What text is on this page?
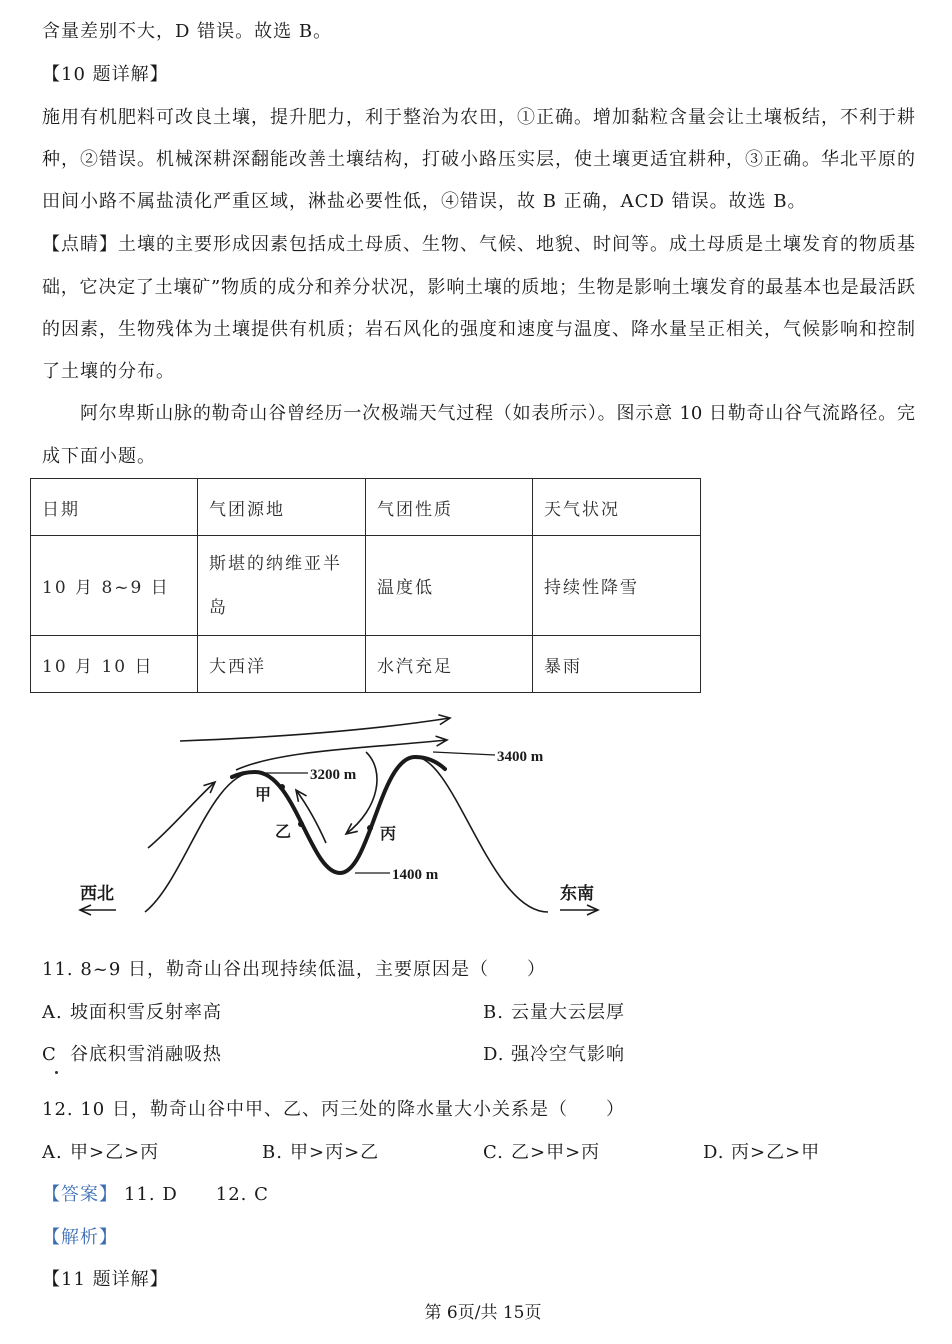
含量差别不大，D 错误。故选 B。
【10 题详解】
施用有机肥料可改良土壤，提升肥力，利于整治为农田，①正确。增加黏粒含量会让土壤板结，不利于耕
种，②错误。机械深耕深翻能改善土壤结构，打破小路压实层，使土壤更适宜耕种，③正确。华北平原的
田间小路不属盐渍化严重区域，淋盐必要性低，④错误，故 B 正确，ACD 错误。故选 B。
【点睛】土壤的主要形成因素包括成土母质、生物、气候、地貌、时间等。成土母质是土壤发育的物质基
础，它决定了土壤矿”物质的成分和养分状况，影响土壤的质地；生物是影响土壤发育的最基本也是最活跃
的因素，生物残体为土壤提供有机质；岩石风化的强度和速度与温度、降水量呈正相关，气候影响和控制
了土壤的分布。
阿尔卑斯山脉的勒奇山谷曾经历一次极端天气过程（如表所示）。图示意 10 日勒奇山谷气流路径。完
成下面小题。
日期	气团源地	气团性质	天气状况
10 月 8~9 日	斯堪的纳维亚半岛	温度低	持续性降雪
10 月 10 日	大西洋	水汽充足	暴雨
3200 m
3400 m
1400 m
甲
乙	丙
西北	东南
11. 8~9 日，勒奇山谷出现持续低温，主要原因是（　　）
A. 坡面积雪反射率高	B. 云量大云层厚
C 谷底积雪消融吸热	D. 强冷空气影响
12. 10 日，勒奇山谷中甲、乙、丙三处的降水量大小关系是（　　）
A. 甲>乙>丙	B. 甲>丙>乙	C. 乙>甲>丙	D. 丙>乙>甲
【答案】 11. D 12. C
【解析】
【11 题详解】
第 6页/共 15页
